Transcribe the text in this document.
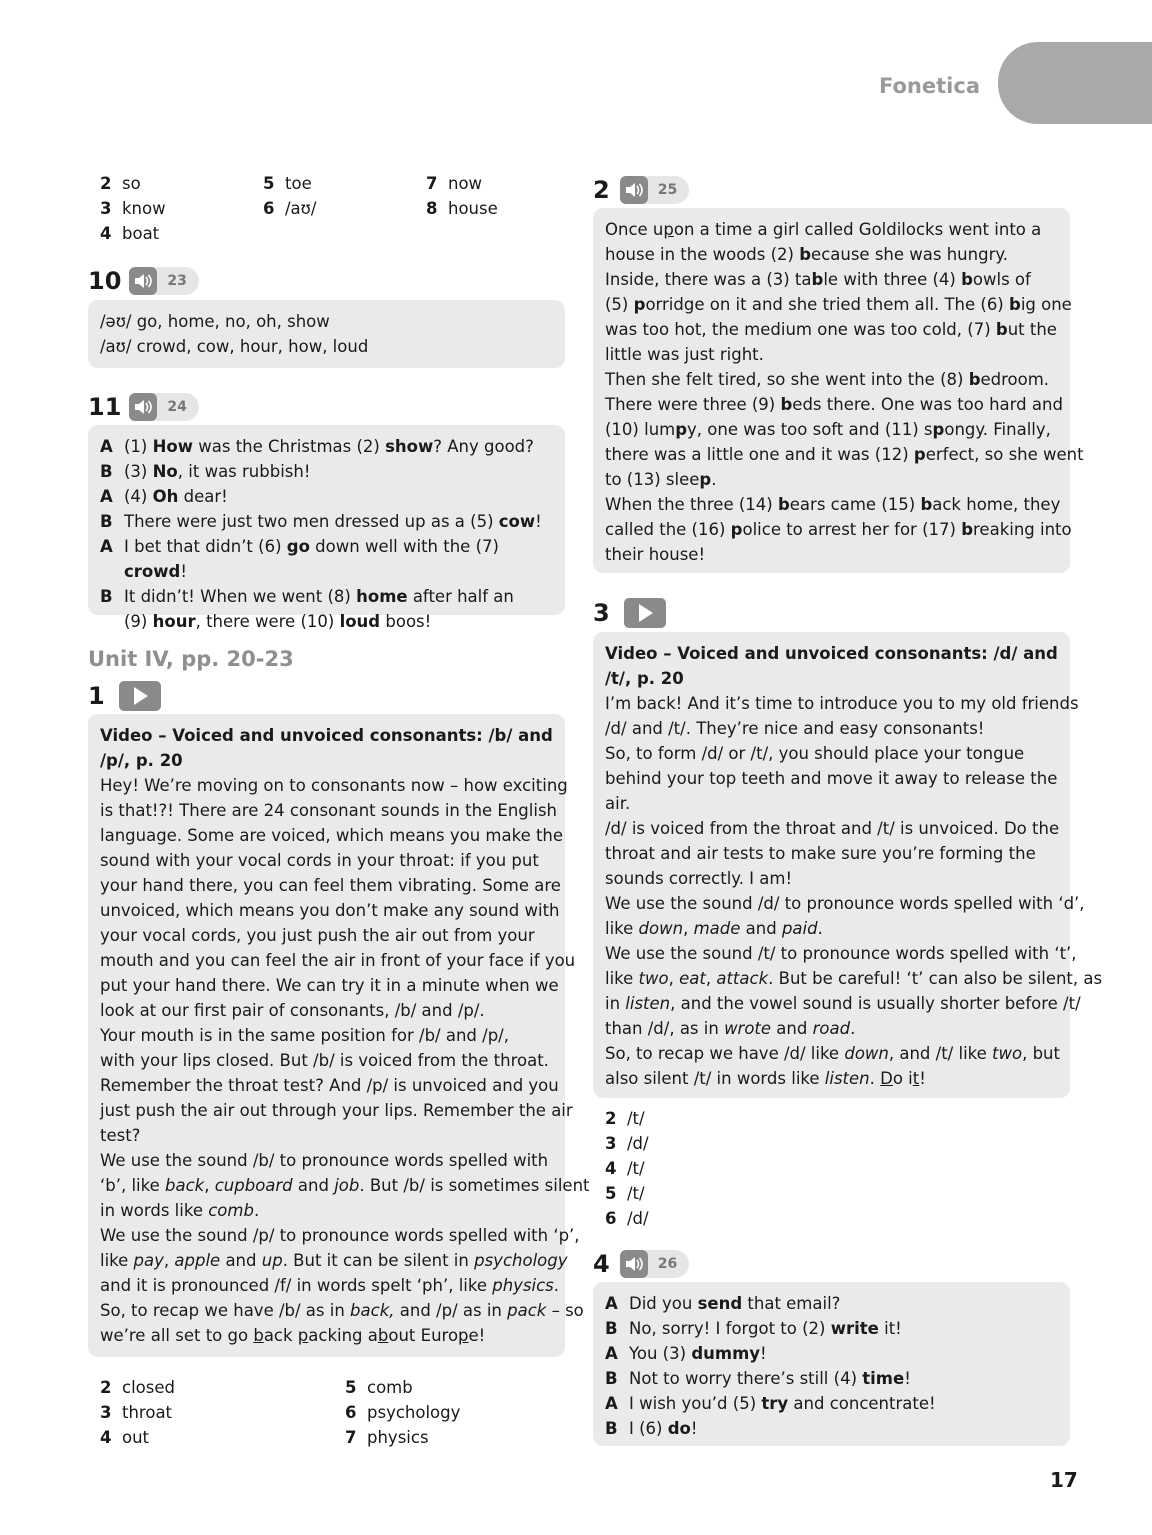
Fonetica
2 so	5 toe	7 now
3 know	6 /aʊ/	8 house
4 boat
10	23
/əʊ/ go, home, no, oh, show
/aʊ/ crowd, cow, hour, how, loud
11	24
A (1) How was the Christmas (2) show? Any good?
B (3) No, it was rubbish!
A (4) Oh dear!
B There were just two men dressed up as a (5) cow!
A I bet that didn’t (6) go down well with the (7) crowd!
B It didn’t! When we went (8) home after half an
(9) hour, there were (10) loud boos!
Unit IV, pp. 20-23
1
Video – Voiced and unvoiced consonants: /b/ and /p/, p. 20
Hey! We’re moving on to consonants now – how exciting
is that!?! There are 24 consonant sounds in the English
language. Some are voiced, which means you make the
sound with your vocal cords in your throat: if you put
your hand there, you can feel them vibrating. Some are
unvoiced, which means you don’t make any sound with
your vocal cords, you just push the air out from your
mouth and you can feel the air in front of your face if you
put your hand there. We can try it in a minute when we
look at our first pair of consonants, /b/ and /p/.
Your mouth is in the same position for /b/ and /p/,
with your lips closed. But /b/ is voiced from the throat.
Remember the throat test? And /p/ is unvoiced and you
just push the air out through your lips. Remember the air
test?
We use the sound /b/ to pronounce words spelled with
‘b’, like back, cupboard and job. But /b/ is sometimes silent
in words like comb.
We use the sound /p/ to pronounce words spelled with ‘p’,
like pay, apple and up. But it can be silent in psychology
and it is pronounced /f/ in words spelt ‘ph’, like physics.
So, to recap we have /b/ as in back, and /p/ as in pack – so
we’re all set to go back packing about Europe!
2 closed	5 comb
3 throat	6 psychology
4 out	7 physics
2	25
Once upon a time a girl called Goldilocks went into a
house in the woods (2) because she was hungry.
Inside, there was a (3) table with three (4) bowls of
(5) porridge on it and she tried them all. The (6) big one
was too hot, the medium one was too cold, (7) but the
little was just right.
Then she felt tired, so she went into the (8) bedroom.
There were three (9) beds there. One was too hard and
(10) lumpy, one was too soft and (11) spongy. Finally,
there was a little one and it was (12) perfect, so she went
to (13) sleep.
When the three (14) bears came (15) back home, they
called the (16) police to arrest her for (17) breaking into
their house!
3
Video – Voiced and unvoiced consonants: /d/ and /t/, p. 20
I’m back! And it’s time to introduce you to my old friends
/d/ and /t/. They’re nice and easy consonants!
So, to form /d/ or /t/, you should place your tongue
behind your top teeth and move it away to release the
air.
/d/ is voiced from the throat and /t/ is unvoiced. Do the
throat and air tests to make sure you’re forming the
sounds correctly. I am!
We use the sound /d/ to pronounce words spelled with ‘d’,
like down, made and paid.
We use the sound /t/ to pronounce words spelled with ‘t’,
like two, eat, attack. But be careful! ‘t’ can also be silent, as
in listen, and the vowel sound is usually shorter before /t/
than /d/, as in wrote and road.
So, to recap we have /d/ like down, and /t/ like two, but
also silent /t/ in words like listen. Do it!
2 /t/
3 /d/
4 /t/
5 /t/
6 /d/
4	26
A Did you send that email?
B No, sorry! I forgot to (2) write it!
A You (3) dummy!
B Not to worry there’s still (4) time!
A I wish you’d (5) try and concentrate!
B I (6) do!
17
